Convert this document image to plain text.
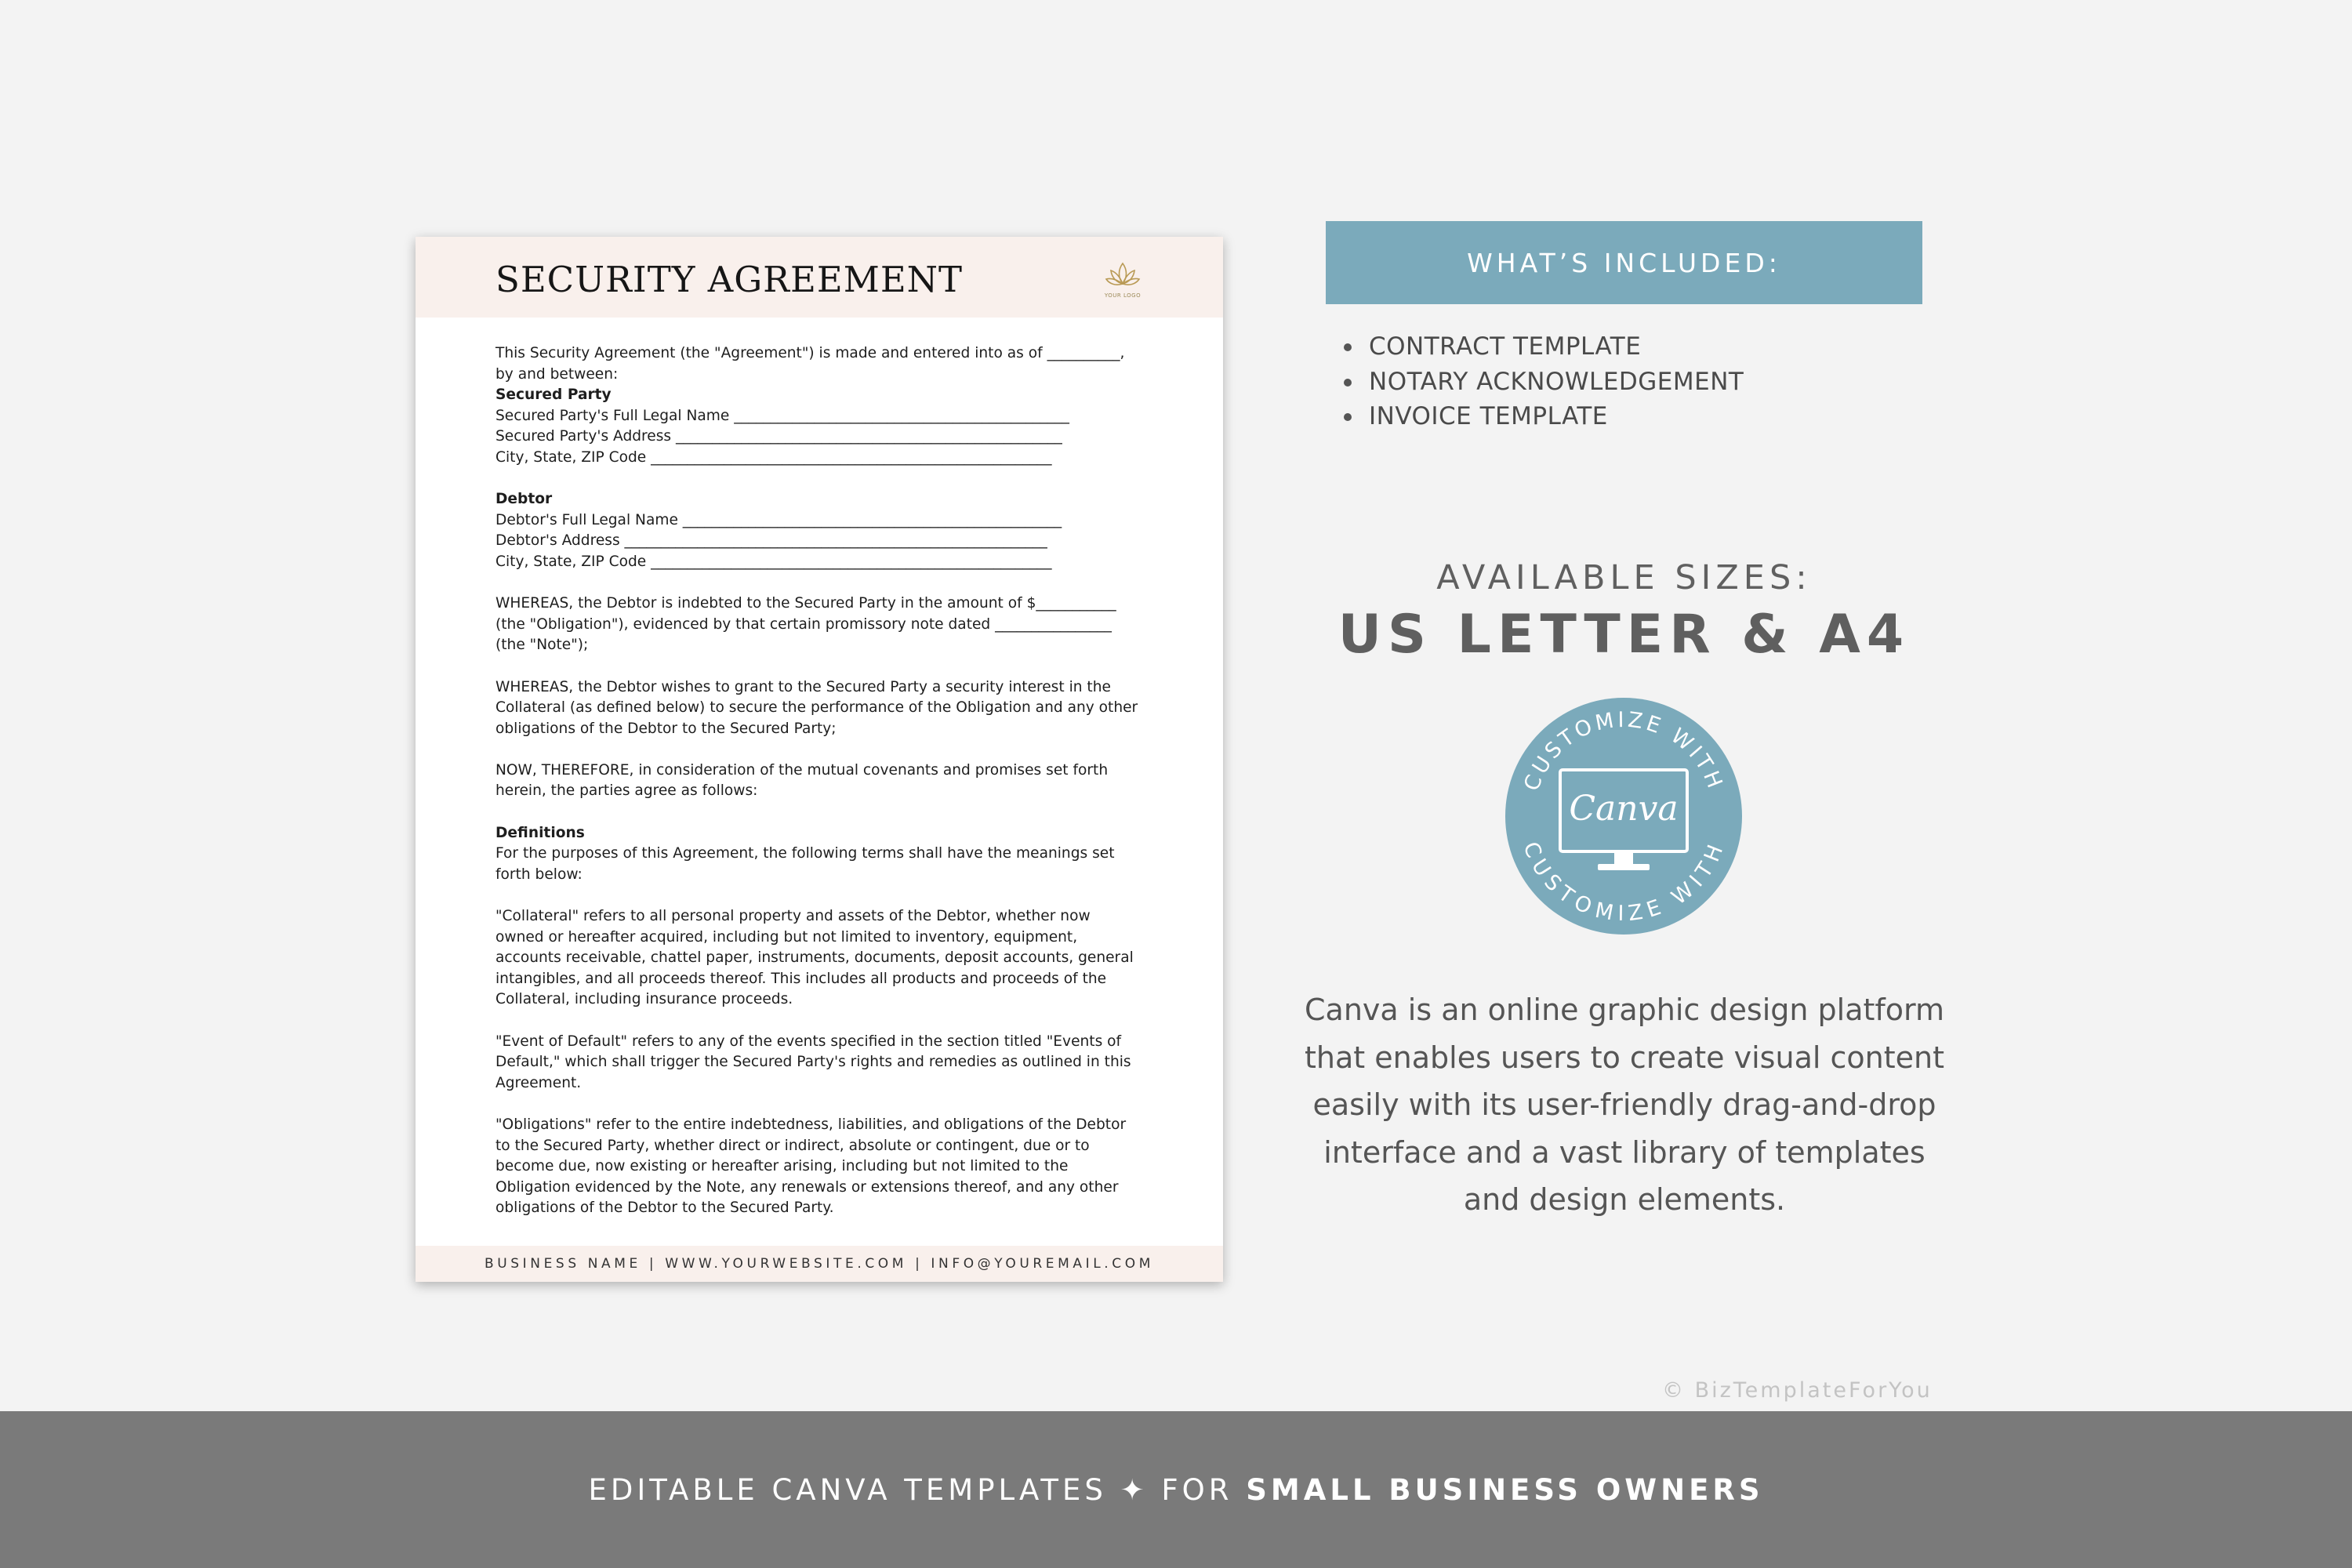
SECURITY AGREEMENT	YOUR LOGO

This Security Agreement (the "Agreement") is made and entered into as of __________,
by and between:
Secured Party
Secured Party's Full Legal Name ______________________________________________
Secured Party's Address _____________________________________________________
City, State, ZIP Code _______________________________________________________

Debtor
Debtor's Full Legal Name ____________________________________________________
Debtor's Address __________________________________________________________
City, State, ZIP Code _______________________________________________________

WHEREAS, the Debtor is indebted to the Secured Party in the amount of $___________
(the "Obligation"), evidenced by that certain promissory note dated ________________
(the "Note");

WHEREAS, the Debtor wishes to grant to the Secured Party a security interest in the
Collateral (as defined below) to secure the performance of the Obligation and any other
obligations of the Debtor to the Secured Party;

NOW, THEREFORE, in consideration of the mutual covenants and promises set forth
herein, the parties agree as follows:

Definitions
For the purposes of this Agreement, the following terms shall have the meanings set
forth below:

"Collateral" refers to all personal property and assets of the Debtor, whether now
owned or hereafter acquired, including but not limited to inventory, equipment,
accounts receivable, chattel paper, instruments, documents, deposit accounts, general
intangibles, and all proceeds thereof. This includes all products and proceeds of the
Collateral, including insurance proceeds.

"Event of Default" refers to any of the events specified in the section titled "Events of
Default," which shall trigger the Secured Party's rights and remedies as outlined in this
Agreement.

"Obligations" refer to the entire indebtedness, liabilities, and obligations of the Debtor
to the Secured Party, whether direct or indirect, absolute or contingent, due or to
become due, now existing or hereafter arising, including but not limited to the
Obligation evidenced by the Note, any renewals or extensions thereof, and any other
obligations of the Debtor to the Secured Party.

BUSINESS NAME | WWW.YOURWEBSITE.COM | INFO@YOUREMAIL.COM
WHAT’S INCLUDED:
CONTRACT TEMPLATE
NOTARY ACKNOWLEDGEMENT
INVOICE TEMPLATE
AVAILABLE SIZES:
US LETTER & A4
CUSTOMIZE WITH
CUSTOMIZE WITH
Canva

Canva is an online graphic design platform
that enables users to create visual content
easily with its user-friendly drag-and-drop
interface and a vast library of templates
and design elements.

© BizTemplateForYou
EDITABLE CANVA TEMPLATES ✦ FOR SMALL BUSINESS OWNERS
